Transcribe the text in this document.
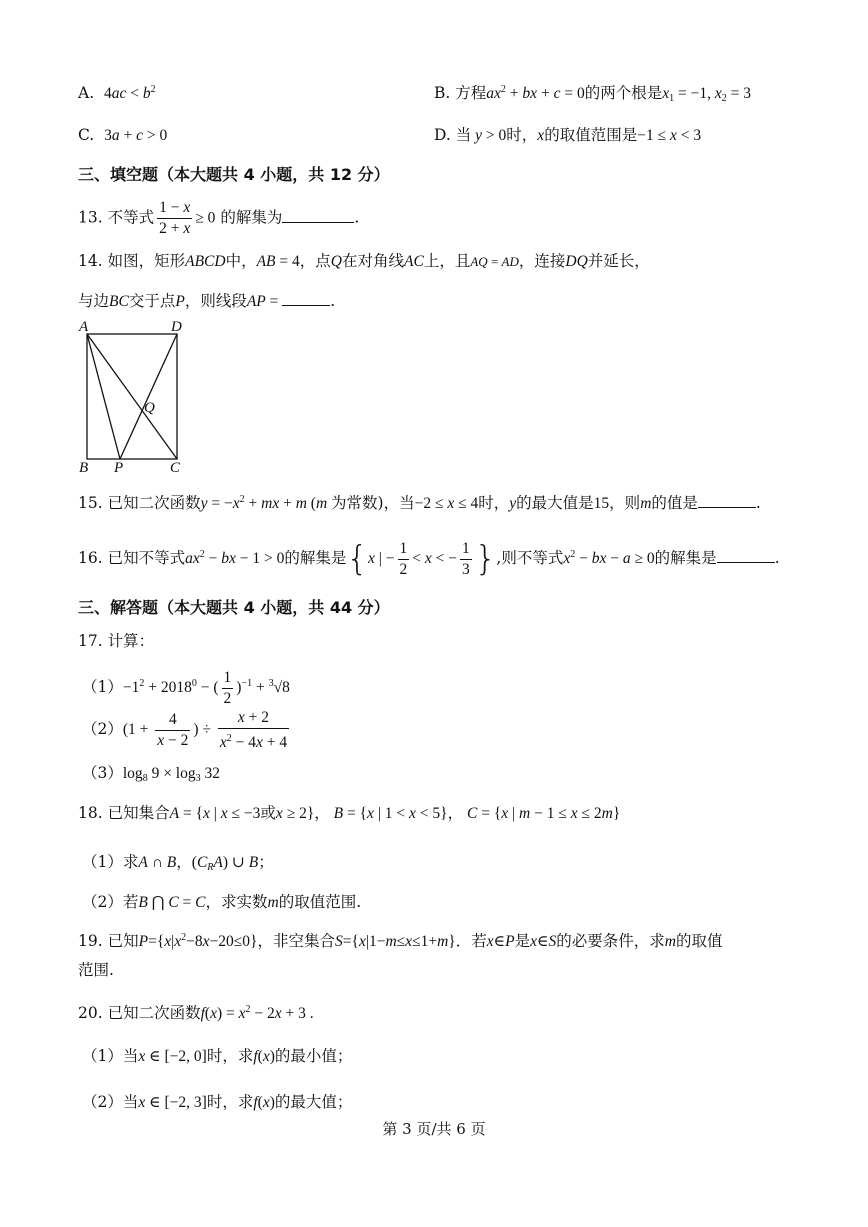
A. $4ac < b^2$	B. 方程$ax^2$ + bx + c = 0的两个根是$x_1 = -1$, $x_2 = 3$
C. 3a + c > 0	D. 当 y > 0时，x的取值范围是−1 ≤ x < 3
三、填空题（本大题共 4 小题，共 12 分）
13. 不等式 $\frac{1 - x}{2 + x} \ge 0$ 的解集为	.
14. 如图，矩形ABCD中，AB = 4，点Q在对角线AC上，且AQ = AD，连接DQ并延长，
与边BC交于点P，则线段AP =	.
A	D
Q
B P	C
15. 已知二次函数$y = -x^2$ + mx + m (m 为常数)，当−2 ≤ x ≤ 4时，y的最大值是15，则m的值是	.
16. 已知不等式$ax^2$ − bx − 1 > 0的解集是{x | − $\frac{1}{2} < x$ < − $\frac{1}{3}$ },则不等式$x^2$ − bx − a ≥ 0的解集是	.
三、解答题（本大题共 4 小题，共 44 分）
17. 计算：
$(1)-1^2 + 2018^0$ − ( $\frac{1}{2} )^{-1} + ^3√8$
$(2)(1 + \frac{4}{x - 2}$ ) ÷ $\frac{x + 2}{x^2 - 4x + 4}$
$(3)\log_8$ $9 \times \log_3 32$
18. 已知集合A = {x | x ≤ −3或x ≥ 2}， B = {x | 1 < x < 5}， C = {x | m − 1 ≤ x ≤ 2m}
（1）求A ∩ B，$(C_RA)$ ∪ B；
（2）若B ⋂ C = C，求实数m的取值范围.
19. 已知$P=\{x|x^2-8x-20\le 0\}$，非空集合S={x|1−m≤x≤1+m}．若x∈P是x∈S的必要条件，求m的取值
范围.
20. 已知二次函数$f(x) = x^2 - 2x + 3$ .
（1）当x ∈ [−2, 0]时，求f(x)的最小值；
（2）当x ∈ [−2, 3]时，求f(x)的最大值；
第 3 页/共 6 页
